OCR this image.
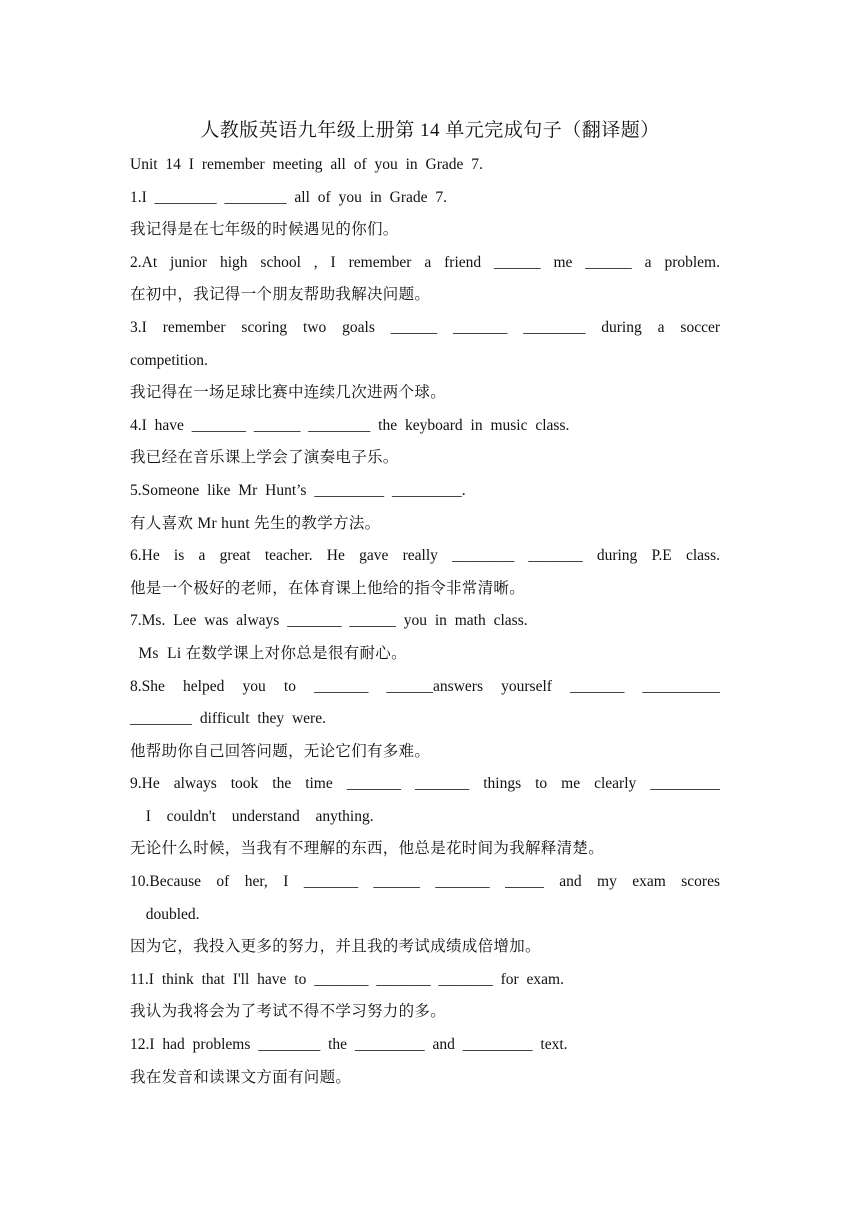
人教版英语九年级上册第 14 单元完成句子（翻译题）
Unit 14 I remember meeting all of you in Grade 7.
1.I ________ ________ all of you in Grade 7.
我记得是在七年级的时候遇见的你们。
2.At junior high school , I remember a friend ______ me ______ a problem.
在初中，我记得一个朋友帮助我解决问题。
3.I remember scoring two goals ______ _______ ________ during a soccer
competition.
我记得在一场足球比赛中连续几次进两个球。
4.I have _______ ______ ________ the keyboard in music class.
我已经在音乐课上学会了演奏电子乐。
5.Someone like Mr Hunt’s _________ _________.
有人喜欢 Mr hunt 先生的教学方法。
6.He is a great teacher. He gave really ________ _______ during P.E class.
他是一个极好的老师，在体育课上他给的指令非常清晰。
7.Ms. Lee was always _______ ______ you in math class.
Ms  Li 在数学课上对你总是很有耐心。
8.She helped you to _______ ______answers yourself _______ __________
________ difficult they were.
他帮助你自己回答问题，无论它们有多难。
9.He always took the time _______ _______ things to me clearly _________
I  couldn't  understand  anything.
无论什么时候，当我有不理解的东西，他总是花时间为我解释清楚。
10.Because of her, I _______ ______ _______ _____ and my exam scores
doubled.
因为它，我投入更多的努力，并且我的考试成绩成倍增加。
11.I think that I'll have to _______ _______ _______ for exam.
我认为我将会为了考试不得不学习努力的多。
12.I had problems ________ the _________ and _________ text.
我在发音和读课文方面有问题。
